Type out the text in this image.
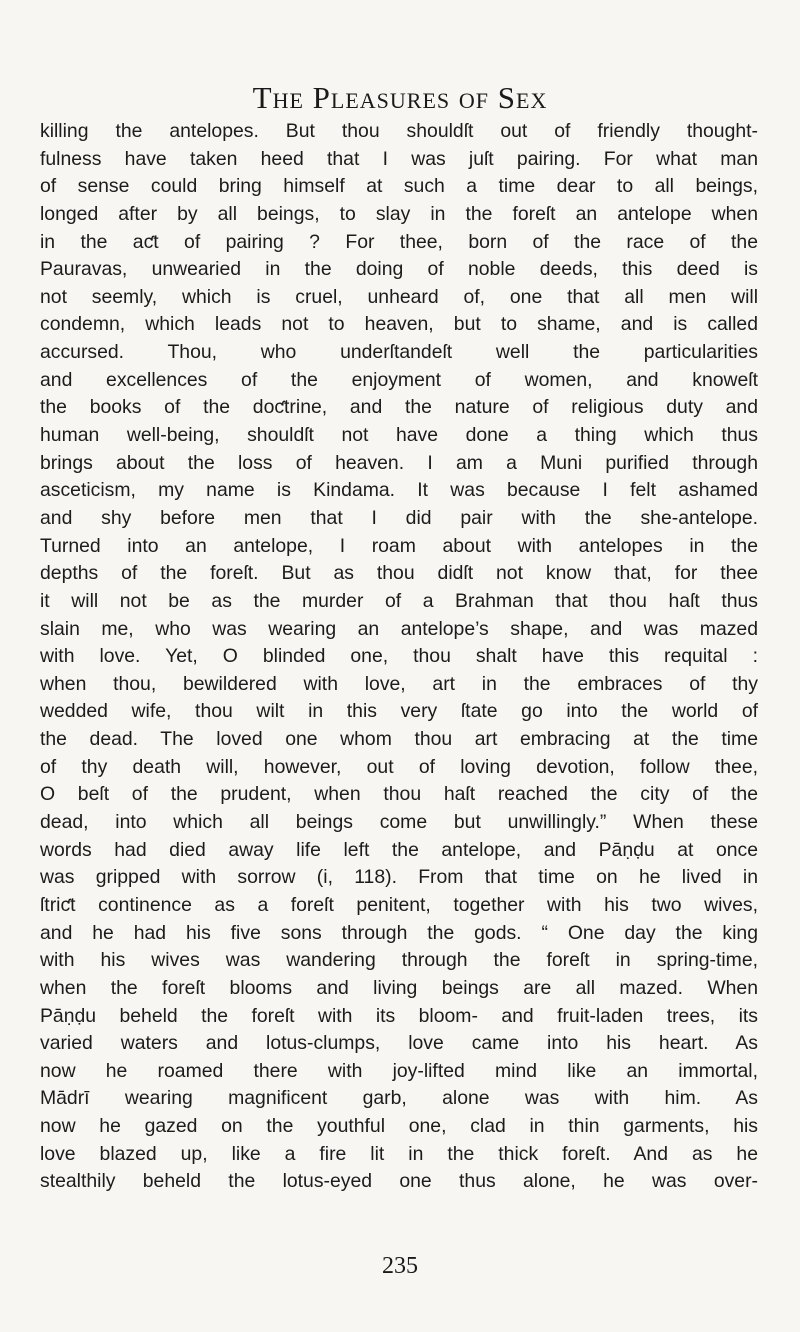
The Pleasures of Sex
killing the antelopes. But thou shouldſt out of friendly thought-
fulness have taken heed that I was juſt pairing. For what man
of sense could bring himself at such a time dear to all beings,
longed after by all beings, to slay in the foreſt an antelope when
in the aƈt of pairing ? For thee, born of the race of the
Pauravas, unwearied in the doing of noble deeds, this deed is
not seemly, which is cruel, unheard of, one that all men will
condemn, which leads not to heaven, but to shame, and is called
accursed. Thou, who underſtandeſt well the particularities
and excellences of the enjoyment of women, and knoweſt
the books of the doƈtrine, and the nature of religious duty and
human well-being, shouldſt not have done a thing which thus
brings about the loss of heaven. I am a Muni purified through
asceticism, my name is Kindama. It was because I felt ashamed
and shy before men that I did pair with the she-antelope.
Turned into an antelope, I roam about with antelopes in the
depths of the foreſt. But as thou didſt not know that, for thee
it will not be as the murder of a Brahman that thou haſt thus
slain me, who was wearing an antelope’s shape, and was mazed
with love. Yet, O blinded one, thou shalt have this requital :
when thou, bewildered with love, art in the embraces of thy
wedded wife, thou wilt in this very ſtate go into the world of
the dead. The loved one whom thou art embracing at the time
of thy death will, however, out of loving devotion, follow thee,
O beſt of the prudent, when thou haſt reached the city of the
dead, into which all beings come but unwillingly.” When these
words had died away life left the antelope, and Pāṇḍu at once
was gripped with sorrow (i, 118). From that time on he lived in
ſtriƈt continence as a foreſt penitent, together with his two wives,
and he had his five sons through the gods. “ One day the king
with his wives was wandering through the foreſt in spring-time,
when the foreſt blooms and living beings are all mazed. When
Pāṇḍu beheld the foreſt with its bloom- and fruit-laden trees, its
varied waters and lotus-clumps, love came into his heart. As
now he roamed there with joy-lifted mind like an immortal,
Mādrī wearing magnificent garb, alone was with him. As
now he gazed on the youthful one, clad in thin garments, his
love blazed up, like a fire lit in the thick foreſt. And as he
stealthily beheld the lotus-eyed one thus alone, he was over-
235
